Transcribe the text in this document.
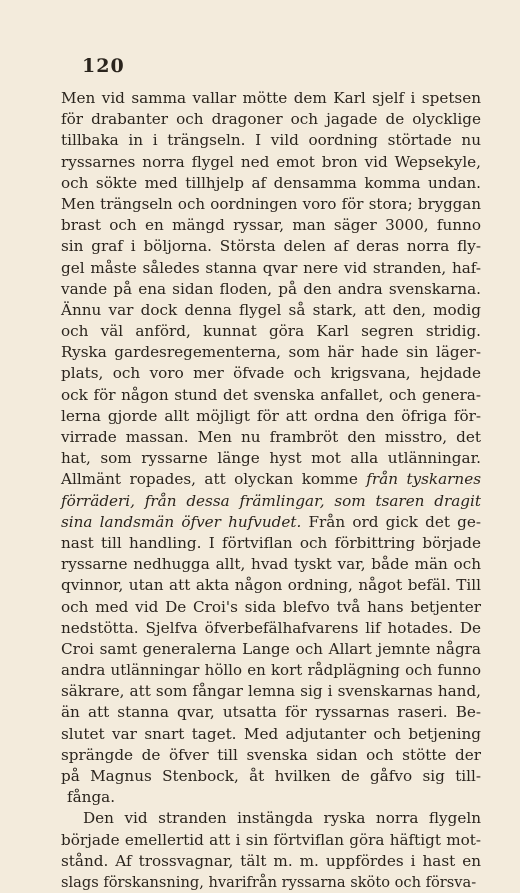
120
Men vid samma vallar mötte dem Karl sjelf i spetsen
för drabanter och dragoner och jagade de olycklige
tillbaka in i trängseln. I vild oordning störtade nu
ryssarnes norra flygel ned emot bron vid Wepsekyle,
och sökte med tillhjelp af densamma komma undan.
Men trängseln och oordningen voro för stora; bryggan
brast och en mängd ryssar, man säger 3000, funno
sin graf i böljorna. Största delen af deras norra fly-
gel måste således stanna qvar nere vid stranden, haf-
vande på ena sidan floden, på den andra svenskarna.
Ännu var dock denna flygel så stark, att den, modig
och väl anförd, kunnat göra Karl segren stridig.
Ryska gardesregementerna, som här hade sin läger-
plats, och voro mer öfvade och krigsvana, hejdade
ock för någon stund det svenska anfallet, och genera-
lerna gjorde allt möjligt för att ordna den öfriga för-
virrade massan. Men nu frambröt den misstro, det
hat, som ryssarne länge hyst mot alla utlänningar.
Allmänt ropades, att olyckan komme från tyskarnes
förräderi, från dessa främlingar, som tsaren dragit
sina landsmän öfver hufvudet. Från ord gick det ge-
nast till handling. I förtviflan och förbittring började
ryssarne nedhugga allt, hvad tyskt var, både män och
qvinnor, utan att akta någon ordning, något befäl. Till
och med vid De Croi's sida blefvo två hans betjenter
nedstötta. Sjelfva öfverbefälhafvarens lif hotades. De
Croi samt generalerna Lange och Allart jemnte några
andra utlänningar höllo en kort rådplägning och funno
säkrare, att som fångar lemna sig i svenskarnas hand,
än att stanna qvar, utsatta för ryssarnas raseri. Be-
slutet var snart taget. Med adjutanter och betjening
sprängde de öfver till svenska sidan och stötte der
på Magnus Stenbock, åt hvilken de gåfvo sig till-
fånga.
Den vid stranden instängda ryska norra flygeln
började emellertid att i sin förtviflan göra häftigt mot-
stånd. Af trossvagnar, tält m. m. uppfördes i hast en
slags förskansning, hvarifrån ryssarna sköto och försva-
